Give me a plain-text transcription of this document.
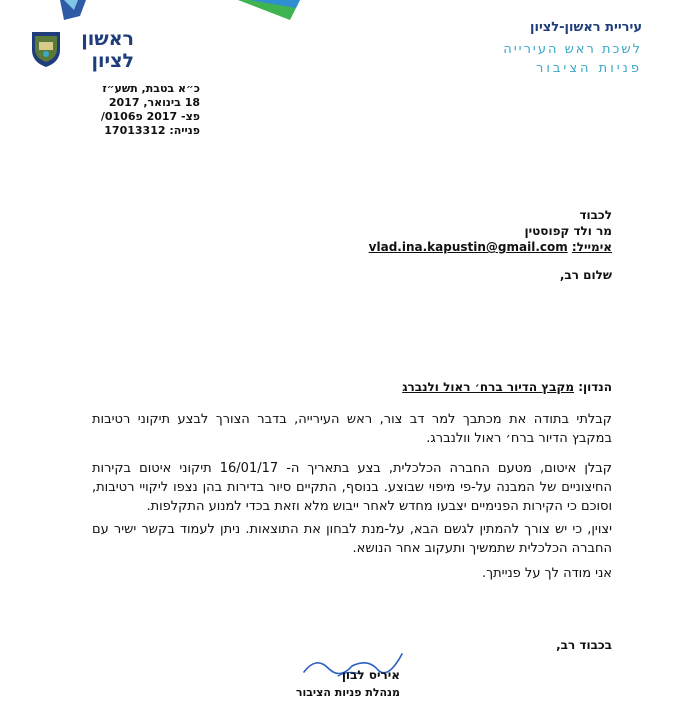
ראשון
לציון
עיריית ראשון-לציון
לשכת ראש העירייה
פניות הציבור
כ״א בטבת, תשע״ז
18 בינואר, 2017
פצ- 2017 פ0106/
פנייה: 17013312
לכבוד
מר ולד קפוסטין
אימייל: vlad.ina.kapustin@gmail.com
שלום רב,
הנדון: מקבץ הדיור ברח׳ ראול ולנברג
קבלתי בתודה את מכתבך למר דב צור, ראש העירייה, בדבר הצורך לבצע תיקוני רטיבות במקבץ הדיור ברח׳ ראול וולנברג.
קבלן איטום, מטעם החברה הכלכלית, בצע בתאריך ה- 16/01/17 תיקוני איטום בקירות החיצוניים של המבנה על-פי מיפוי שבוצע. בנוסף, התקיים סיור בדירות בהן נצפו ליקויי רטיבות, וסוכם כי הקירות הפנימיים יצבעו מחדש לאחר ייבוש מלא וזאת בכדי למנוע התקלפות.
יצוין, כי יש צורך להמתין לגשם הבא, על-מנת לבחון את התוצאות. ניתן לעמוד בקשר ישיר עם החברה הכלכלית שתמשיך ותעקוב אחר הנושא.
אני מודה לך על פנייתך.
בכבוד רב,
איריס לבון
מנהלת פניות הציבור
